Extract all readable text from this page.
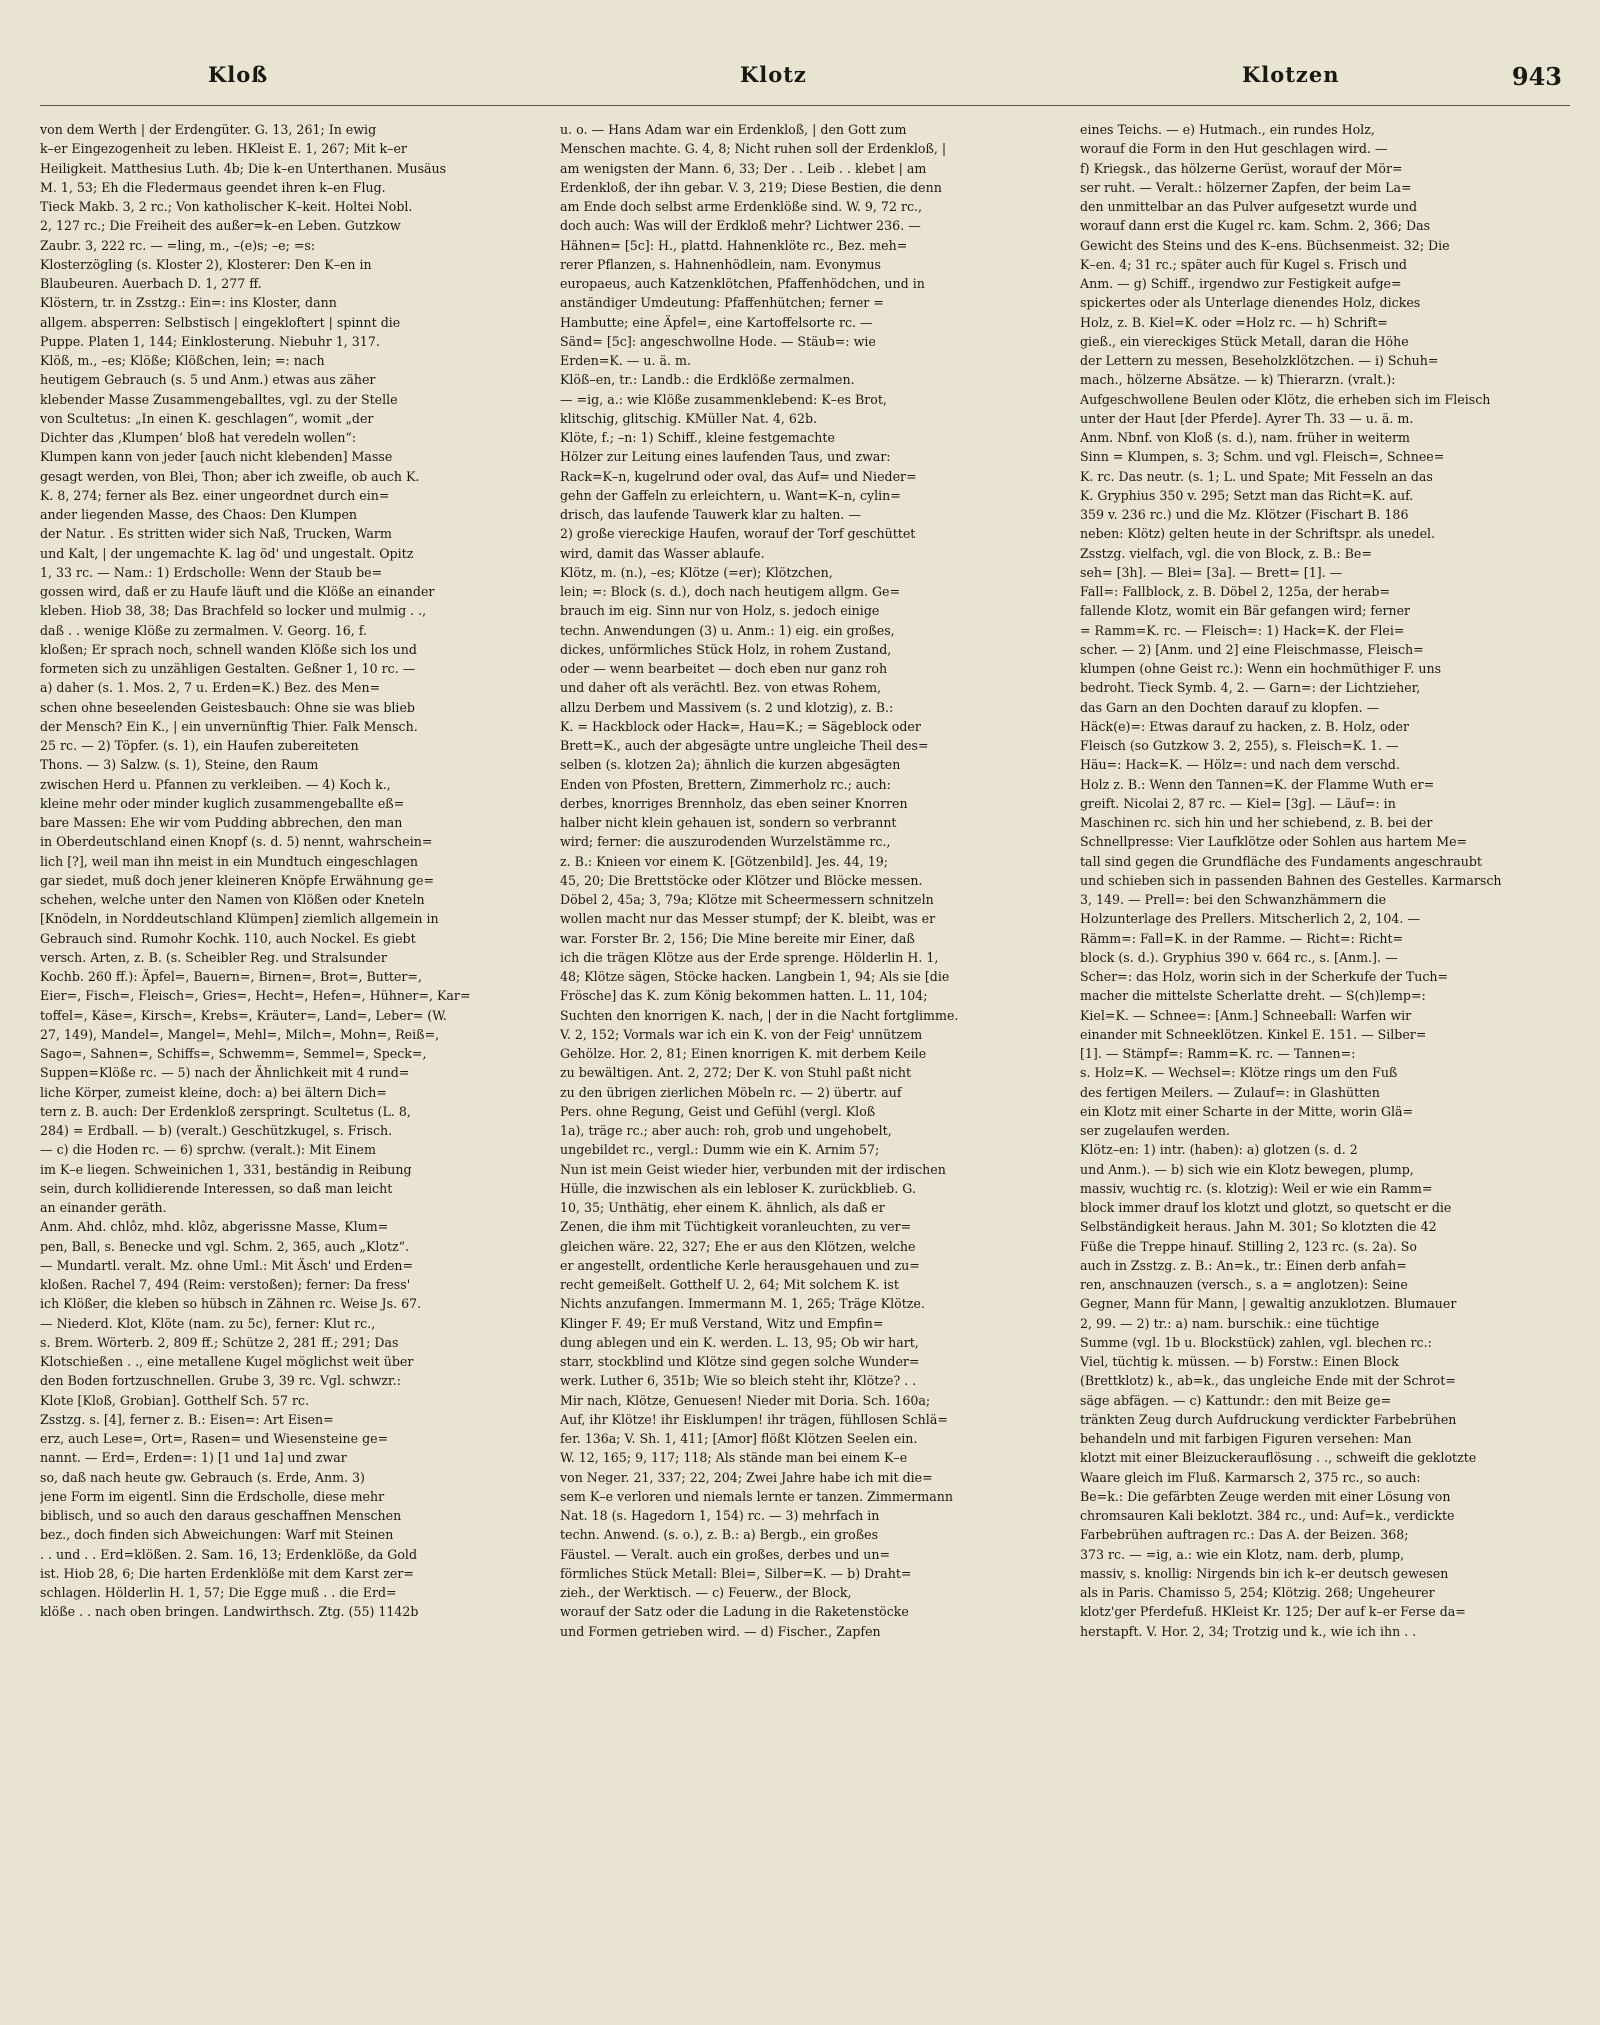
Kloß	Klotz	Klotzen	943

von dem Werth | der Erdengüter. G. 13, 261; In ewig

k–er Eingezogenheit zu leben. HKleist E. 1, 267; Mit k–er

Heiligkeit. Matthesius Luth. 4b; Die k–en Unterthanen. Musäus

M. 1, 53; Eh die Fledermaus geendet ihren k–en Flug.

Tieck Makb. 3, 2 rc.; Von katholischer K–keit. Holtei Nobl.

2, 127 rc.; Die Freiheit des außer=k–en Leben. Gutzkow

Zaubr. 3, 222 rc. — =ling, m., –(e)s; –e; =s:

Klosterzögling (s. Kloster 2), Klosterer: Den K–en in

Blaubeuren. Auerbach D. 1, 277 ff.

Klöstern, tr. in Zsstzg.: Ein=: ins Kloster, dann

allgem. absperren: Selbstisch | eingekloftert | spinnt die

Puppe. Platen 1, 144; Einklosterung. Niebuhr 1, 317.

Klöß, m., –es; Klöße; Klößchen, lein; =: nach

heutigem Gebrauch (s. 5 und Anm.) etwas aus zäher

klebender Masse Zusammengeballtes, vgl. zu der Stelle

von Scultetus: „In einen K. geschlagen“, womit „der

Dichter das ‚Klumpen‘ bloß hat veredeln wollen“:

Klumpen kann von jeder [auch nicht klebenden] Masse

gesagt werden, von Blei, Thon; aber ich zweifle, ob auch K.

K. 8, 274; ferner als Bez. einer ungeordnet durch ein=

ander liegenden Masse, des Chaos: Den Klumpen

der Natur. . Es stritten wider sich Naß, Trucken, Warm

und Kalt, | der ungemachte K. lag öd' und ungestalt. Opitz

1, 33 rc. — Nam.: 1) Erdscholle: Wenn der Staub be=

gossen wird, daß er zu Haufe läuft und die Klöße an einander

kleben. Hiob 38, 38; Das Brachfeld so locker und mulmig . .,

daß . . wenige Klöße zu zermalmen. V. Georg. 16, f.

kloßen; Er sprach noch, schnell wanden Klöße sich los und

formeten sich zu unzähligen Gestalten. Geßner 1, 10 rc. —

a) daher (s. 1. Mos. 2, 7 u. Erden=K.) Bez. des Men=

schen ohne beseelenden Geistesbauch: Ohne sie was blieb

der Mensch? Ein K., | ein unvernünftig Thier. Falk Mensch.

25 rc. — 2) Töpfer. (s. 1), ein Haufen zubereiteten

Thons. — 3) Salzw. (s. 1), Steine, den Raum

zwischen Herd u. Pfannen zu verkleiben. — 4) Koch k.,

kleine mehr oder minder kuglich zusammengeballte eß=

bare Massen: Ehe wir vom Pudding abbrechen, den man

in Oberdeutschland einen Knopf (s. d. 5) nennt, wahrschein=

lich [?], weil man ihn meist in ein Mundtuch eingeschlagen

gar siedet, muß doch jener kleineren Knöpfe Erwähnung ge=

schehen, welche unter den Namen von Klößen oder Kneteln

[Knödeln, in Norddeutschland Klümpen] ziemlich allgemein in

Gebrauch sind. Rumohr Kochk. 110, auch Nockel. Es giebt

versch. Arten, z. B. (s. Scheibler Reg. und Stralsunder

Kochb. 260 ff.): Äpfel=, Bauern=, Birnen=, Brot=, Butter=,

Eier=, Fisch=, Fleisch=, Gries=, Hecht=, Hefen=, Hühner=, Kar=

toffel=, Käse=, Kirsch=, Krebs=, Kräuter=, Land=, Leber= (W.

27, 149), Mandel=, Mangel=, Mehl=, Milch=, Mohn=, Reiß=,

Sago=, Sahnen=, Schiffs=, Schwemm=, Semmel=, Speck=,

Suppen=Klöße rc. — 5) nach der Ähnlichkeit mit 4 rund=

liche Körper, zumeist kleine, doch: a) bei ältern Dich=

tern z. B. auch: Der Erdenkloß zerspringt. Scultetus (L. 8,

284) = Erdball. — b) (veralt.) Geschützkugel, s. Frisch.

— c) die Hoden rc. — 6) sprchw. (veralt.): Mit Einem

im K–e liegen. Schweinichen 1, 331, beständig in Reibung

sein, durch kollidierende Interessen, so daß man leicht

an einander geräth.

Anm. Ahd. chlôz, mhd. klôz, abgerissne Masse, Klum=

pen, Ball, s. Benecke und vgl. Schm. 2, 365, auch „Klotz“.

— Mundartl. veralt. Mz. ohne Uml.: Mit Äsch' und Erden=

kloßen. Rachel 7, 494 (Reim: verstoßen); ferner: Da fress'

ich Klößer, die kleben so hübsch in Zähnen rc. Weise Js. 67.

— Niederd. Klot, Klöte (nam. zu 5c), ferner: Klut rc.,

s. Brem. Wörterb. 2, 809 ff.; Schütze 2, 281 ff.; 291; Das

Klotschießen . ., eine metallene Kugel möglichst weit über

den Boden fortzuschnellen. Grube 3, 39 rc. Vgl. schwzr.:

Klote [Kloß, Grobian]. Gotthelf Sch. 57 rc.

Zsstzg. s. [4], ferner z. B.: Eisen=: Art Eisen=

erz, auch Lese=, Ort=, Rasen= und Wiesensteine ge=

nannt. — Erd=, Erden=: 1) [1 und 1a] und zwar

so, daß nach heute gw. Gebrauch (s. Erde, Anm. 3)

jene Form im eigentl. Sinn die Erdscholle, diese mehr

biblisch, und so auch den daraus geschaffnen Menschen

bez., doch finden sich Abweichungen: Warf mit Steinen

. . und . . Erd=klößen. 2. Sam. 16, 13; Erdenklöße, da Gold

ist. Hiob 28, 6; Die harten Erdenklöße mit dem Karst zer=

schlagen. Hölderlin H. 1, 57; Die Egge muß . . die Erd=

klöße . . nach oben bringen. Landwirthsch. Ztg. (55) 1142b

u. o. — Hans Adam war ein Erdenkloß, | den Gott zum

Menschen machte. G. 4, 8; Nicht ruhen soll der Erdenkloß, |

am wenigsten der Mann. 6, 33; Der . . Leib . . klebet | am

Erdenkloß, der ihn gebar. V. 3, 219; Diese Bestien, die denn

am Ende doch selbst arme Erdenklöße sind. W. 9, 72 rc.,

doch auch: Was will der Erdkloß mehr? Lichtwer 236. —

Hähnen= [5c]: H., plattd. Hahnenklöte rc., Bez. meh=

rerer Pflanzen, s. Hahnenhödlein, nam. Evonymus

europaeus, auch Katzenklötchen, Pfaffenhödchen, und in

anständiger Umdeutung: Pfaffenhütchen; ferner =

Hambutte; eine Äpfel=, eine Kartoffelsorte rc. —

Sänd= [5c]: angeschwollne Hode. — Stäub=: wie

Erden=K. — u. ä. m.

Klöß–en, tr.: Landb.: die Erdklöße zermalmen.

— =ig, a.: wie Klöße zusammenklebend: K–es Brot,

klitschig, glitschig. KMüller Nat. 4, 62b.

Klöte, f.; –n: 1) Schiff., kleine festgemachte

Hölzer zur Leitung eines laufenden Taus, und zwar:

Rack=K–n, kugelrund oder oval, das Auf= und Nieder=

gehn der Gaffeln zu erleichtern, u. Want=K–n, cylin=

drisch, das laufende Tauwerk klar zu halten. —

2) große viereckige Haufen, worauf der Torf geschüttet

wird, damit das Wasser ablaufe.

Klötz, m. (n.), –es; Klötze (=er); Klötzchen,

lein; =: Block (s. d.), doch nach heutigem allgm. Ge=

brauch im eig. Sinn nur von Holz, s. jedoch einige

techn. Anwendungen (3) u. Anm.: 1) eig. ein großes,

dickes, unförmliches Stück Holz, in rohem Zustand,

oder — wenn bearbeitet — doch eben nur ganz roh

und daher oft als verächtl. Bez. von etwas Rohem,

allzu Derbem und Massivem (s. 2 und klotzig), z. B.:

K. = Hackblock oder Hack=, Hau=K.; = Sägeblock oder

Brett=K., auch der abgesägte untre ungleiche Theil des=

selben (s. klotzen 2a); ähnlich die kurzen abgesägten

Enden von Pfosten, Brettern, Zimmerholz rc.; auch:

derbes, knorriges Brennholz, das eben seiner Knorren

halber nicht klein gehauen ist, sondern so verbrannt

wird; ferner: die auszurodenden Wurzelstämme rc.,

z. B.: Knieen vor einem K. [Götzenbild]. Jes. 44, 19;

45, 20; Die Brettstöcke oder Klötzer und Blöcke messen.

Döbel 2, 45a; 3, 79a; Klötze mit Scheermessern schnitzeln

wollen macht nur das Messer stumpf; der K. bleibt, was er

war. Forster Br. 2, 156; Die Mine bereite mir Einer, daß

ich die trägen Klötze aus der Erde sprenge. Hölderlin H. 1,

48; Klötze sägen, Stöcke hacken. Langbein 1, 94; Als sie [die

Frösche] das K. zum König bekommen hatten. L. 11, 104;

Suchten den knorrigen K. nach, | der in die Nacht fortglimme.

V. 2, 152; Vormals war ich ein K. von der Feig' unnützem

Gehölze. Hor. 2, 81; Einen knorrigen K. mit derbem Keile

zu bewältigen. Ant. 2, 272; Der K. von Stuhl paßt nicht

zu den übrigen zierlichen Möbeln rc. — 2) übertr. auf

Pers. ohne Regung, Geist und Gefühl (vergl. Kloß

1a), träge rc.; aber auch: roh, grob und ungehobelt,

ungebildet rc., vergl.: Dumm wie ein K. Arnim 57;

Nun ist mein Geist wieder hier, verbunden mit der irdischen

Hülle, die inzwischen als ein lebloser K. zurückblieb. G.

10, 35; Unthätig, eher einem K. ähnlich, als daß er

Zenen, die ihm mit Tüchtigkeit voranleuchten, zu ver=

gleichen wäre. 22, 327; Ehe er aus den Klötzen, welche

er angestellt, ordentliche Kerle herausgehauen und zu=

recht gemeißelt. Gotthelf U. 2, 64; Mit solchem K. ist

Nichts anzufangen. Immermann M. 1, 265; Träge Klötze.

Klinger F. 49; Er muß Verstand, Witz und Empfin=

dung ablegen und ein K. werden. L. 13, 95; Ob wir hart,

starr, stockblind und Klötze sind gegen solche Wunder=

werk. Luther 6, 351b; Wie so bleich steht ihr, Klötze? . .

Mir nach, Klötze, Genuesen! Nieder mit Doria. Sch. 160a;

Auf, ihr Klötze! ihr Eisklumpen! ihr trägen, fühllosen Schlä=

fer. 136a; V. Sh. 1, 411; [Amor] flößt Klötzen Seelen ein.

W. 12, 165; 9, 117; 118; Als stände man bei einem K–e

von Neger. 21, 337; 22, 204; Zwei Jahre habe ich mit die=

sem K–e verloren und niemals lernte er tanzen. Zimmermann

Nat. 18 (s. Hagedorn 1, 154) rc. — 3) mehrfach in

techn. Anwend. (s. o.), z. B.: a) Bergb., ein großes

Fäustel. — Veralt. auch ein großes, derbes und un=

förmliches Stück Metall: Blei=, Silber=K. — b) Draht=

zieh., der Werktisch. — c) Feuerw., der Block,

worauf der Satz oder die Ladung in die Raketenstöcke

und Formen getrieben wird. — d) Fischer., Zapfen

eines Teichs. — e) Hutmach., ein rundes Holz,

worauf die Form in den Hut geschlagen wird. —

f) Kriegsk., das hölzerne Gerüst, worauf der Mör=

ser ruht. — Veralt.: hölzerner Zapfen, der beim La=

den unmittelbar an das Pulver aufgesetzt wurde und

worauf dann erst die Kugel rc. kam. Schm. 2, 366; Das

Gewicht des Steins und des K–ens. Büchsenmeist. 32; Die

K–en. 4; 31 rc.; später auch für Kugel s. Frisch und

Anm. — g) Schiff., irgendwo zur Festigkeit aufge=

spickertes oder als Unterlage dienendes Holz, dickes

Holz, z. B. Kiel=K. oder =Holz rc. — h) Schrift=

gieß., ein viereckiges Stück Metall, daran die Höhe

der Lettern zu messen, Beseholzklötzchen. — i) Schuh=

mach., hölzerne Absätze. — k) Thierarzn. (vralt.):

Aufgeschwollene Beulen oder Klötz, die erheben sich im Fleisch

unter der Haut [der Pferde]. Ayrer Th. 33 — u. ä. m.

Anm. Nbnf. von Kloß (s. d.), nam. früher in weiterm

Sinn = Klumpen, s. 3; Schm. und vgl. Fleisch=, Schnee=

K. rc. Das neutr. (s. 1; L. und Spate; Mit Fesseln an das

K. Gryphius 350 v. 295; Setzt man das Richt=K. auf.

359 v. 236 rc.) und die Mz. Klötzer (Fischart B. 186

neben: Klötz) gelten heute in der Schriftspr. als unedel.

Zsstzg. vielfach, vgl. die von Block, z. B.: Be=

seh= [3h]. — Blei= [3a]. — Brett= [1]. —

Fall=: Fallblock, z. B. Döbel 2, 125a, der herab=

fallende Klotz, womit ein Bär gefangen wird; ferner

= Ramm=K. rc. — Fleisch=: 1) Hack=K. der Flei=

scher. — 2) [Anm. und 2] eine Fleischmasse, Fleisch=

klumpen (ohne Geist rc.): Wenn ein hochmüthiger F. uns

bedroht. Tieck Symb. 4, 2. — Garn=: der Lichtzieher,

das Garn an den Dochten darauf zu klopfen. —

Häck(e)=: Etwas darauf zu hacken, z. B. Holz, oder

Fleisch (so Gutzkow 3. 2, 255), s. Fleisch=K. 1. —

Häu=: Hack=K. — Hölz=: und nach dem verschd.

Holz z. B.: Wenn den Tannen=K. der Flamme Wuth er=

greift. Nicolai 2, 87 rc. — Kiel= [3g]. — Läuf=: in

Maschinen rc. sich hin und her schiebend, z. B. bei der

Schnellpresse: Vier Laufklötze oder Sohlen aus hartem Me=

tall sind gegen die Grundfläche des Fundaments angeschraubt

und schieben sich in passenden Bahnen des Gestelles. Karmarsch

3, 149. — Prell=: bei den Schwanzhämmern die

Holzunterlage des Prellers. Mitscherlich 2, 2, 104. —

Rämm=: Fall=K. in der Ramme. — Richt=: Richt=

block (s. d.). Gryphius 390 v. 664 rc., s. [Anm.]. —

Scher=: das Holz, worin sich in der Scherkufe der Tuch=

macher die mittelste Scherlatte dreht. — S(ch)lemp=:

Kiel=K. — Schnee=: [Anm.] Schneeball: Warfen wir

einander mit Schneeklötzen. Kinkel E. 151. — Silber=

[1]. — Stämpf=: Ramm=K. rc. — Tannen=:

s. Holz=K. — Wechsel=: Klötze rings um den Fuß

des fertigen Meilers. — Zulauf=: in Glashütten

ein Klotz mit einer Scharte in der Mitte, worin Glä=

ser zugelaufen werden.

Klötz–en: 1) intr. (haben): a) glotzen (s. d. 2

und Anm.). — b) sich wie ein Klotz bewegen, plump,

massiv, wuchtig rc. (s. klotzig): Weil er wie ein Ramm=

block immer drauf los klotzt und glotzt, so quetscht er die

Selbständigkeit heraus. Jahn M. 301; So klotzten die 42

Füße die Treppe hinauf. Stilling 2, 123 rc. (s. 2a). So

auch in Zsstzg. z. B.: An=k., tr.: Einen derb anfah=

ren, anschnauzen (versch., s. a = anglotzen): Seine

Gegner, Mann für Mann, | gewaltig anzuklotzen. Blumauer

2, 99. — 2) tr.: a) nam. burschik.: eine tüchtige

Summe (vgl. 1b u. Blockstück) zahlen, vgl. blechen rc.:

Viel, tüchtig k. müssen. — b) Forstw.: Einen Block

(Brettklotz) k., ab=k., das ungleiche Ende mit der Schrot=

säge abfägen. — c) Kattundr.: den mit Beize ge=

tränkten Zeug durch Aufdruckung verdickter Farbebrühen

behandeln und mit farbigen Figuren versehen: Man

klotzt mit einer Bleizuckerauflösung . ., schweift die geklotzte

Waare gleich im Fluß. Karmarsch 2, 375 rc., so auch:

Be=k.: Die gefärbten Zeuge werden mit einer Lösung von

chromsauren Kali beklotzt. 384 rc., und: Auf=k., verdickte

Farbebrühen auftragen rc.: Das A. der Beizen. 368;

373 rc. — =ig, a.: wie ein Klotz, nam. derb, plump,

massiv, s. knollig: Nirgends bin ich k–er deutsch gewesen

als in Paris. Chamisso 5, 254; Klötzig. 268; Ungeheurer

klotz'ger Pferdefuß. HKleist Kr. 125; Der auf k–er Ferse da=

herstapft. V. Hor. 2, 34; Trotzig und k., wie ich ihn . .
